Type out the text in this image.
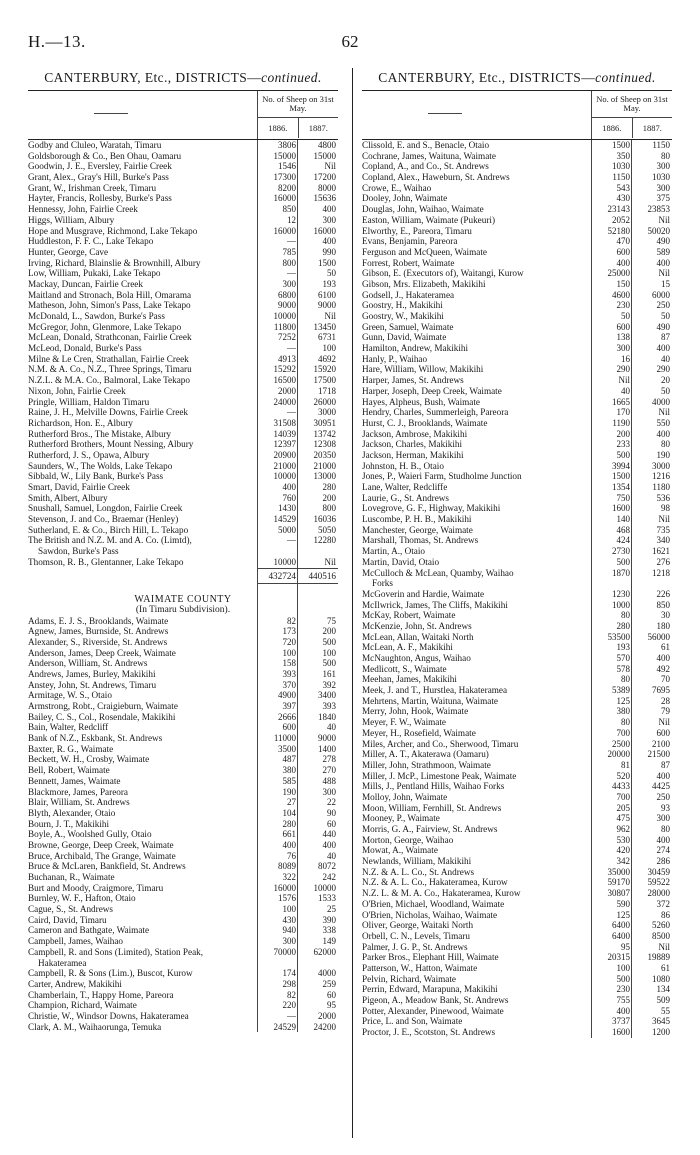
H.—13.	62
CANTERBURY, Etc., DISTRICTS—continued.
No. of Sheep on 31st May.
1886.	1887.
Godby and Cluleo, Waratah, Timaru	3806	4800
Goldsborough & Co., Ben Ohau, Oamaru	15000	15000
Goodwin, J. E., Eversley, Fairlie Creek	1546	Nil
Grant, Alex., Gray's Hill, Burke's Pass	17300	17200
Grant, W., Irishman Creek, Timaru	8200	8000
Hayter, Francis, Rollesby, Burke's Pass	16000	15636
Hennessy, John, Fairlie Creek	850	400
Higgs, William, Albury	12	300
Hope and Musgrave, Richmond, Lake Tekapo	16000	16000
Huddleston, F. F. C., Lake Tekapo	—	400
Hunter, George, Cave	785	990
Irving, Richard, Blainslie & Brownhill, Albury	800	1500
Low, William, Pukaki, Lake Tekapo	—	50
Mackay, Duncan, Fairlie Creek	300	193
Maitland and Stronach, Bola Hill, Omarama	6800	6100
Matheson, John, Simon's Pass, Lake Tekapo	9000	9000
McDonald, L., Sawdon, Burke's Pass	10000	Nil
McGregor, John, Glenmore, Lake Tekapo	11800	13450
McLean, Donald, Strathconan, Fairlie Creek	7252	6731
McLeod, Donald, Burke's Pass	—	100
Milne & Le Cren, Strathallan, Fairlie Creek	4913	4692
N.M. & A. Co., N.Z., Three Springs, Timaru	15292	15920
N.Z.L. & M.A. Co., Balmoral, Lake Tekapo	16500	17500
Nixon, John, Fairlie Creek	2000	1718
Pringle, William, Haldon Timaru	24000	26000
Raine, J. H., Melville Downs, Fairlie Creek	—	3000
Richardson, Hon. E., Albury	31508	30951
Rutherford Bros., The Mistake, Albury	14039	13742
Rutherford Brothers, Mount Nessing, Albury	12397	12308
Rutherford, J. S., Opawa, Albury	20900	20350
Saunders, W., The Wolds, Lake Tekapo	21000	21000
Sibbald, W., Lily Bank, Burke's Pass	10000	13000
Smart, David, Fairlie Creek	400	280
Smith, Albert, Albury	760	200
Snushall, Samuel, Longdon, Fairlie Creek	1430	800
Stevenson, J. and Co., Braemar (Henley)	14529	16036
Sutherland, E. & Co., Birch Hill, L. Tekapo	5000	5050
The British and N.Z. M. and A. Co. (Limtd),	—	12280
Sawdon, Burke's Pass
Thomson, R. B., Glentanner, Lake Tekapo	10000	Nil
432724	440516
WAIMATE COUNTY
(In Timaru Subdivision).
Adams, E. J. S., Brooklands, Waimate	82	75
Agnew, James, Burnside, St. Andrews	173	200
Alexander, S., Riverside, St. Andrews	720	500
Anderson, James, Deep Creek, Waimate	100	100
Anderson, William, St. Andrews	158	500
Andrews, James, Burley, Makikihi	393	161
Anstey, John, St. Andrews, Timaru	370	392
Armitage, W. S., Otaio	4900	3400
Armstrong, Robt., Craigieburn, Waimate	397	393
Bailey, C. S., Col., Rosendale, Makikihi	2666	1840
Bain, Walter, Redcliff	600	40
Bank of N.Z., Eskbank, St. Andrews	11000	9000
Baxter, R. G., Waimate	3500	1400
Beckett, W. H., Crosby, Waimate	487	278
Bell, Robert, Waimate	380	270
Bennett, James, Waimate	585	488
Blackmore, James, Pareora	190	300
Blair, William, St. Andrews	27	22
Blyth, Alexander, Otaio	104	90
Bourn, J. T., Makikihi	280	60
Boyle, A., Woolshed Gully, Otaio	661	440
Browne, George, Deep Creek, Waimate	400	400
Bruce, Archibald, The Grange, Waimate	76	40
Bruce & McLaren, Bankfield, St. Andrews	8089	8072
Buchanan, R., Waimate	322	242
Burt and Moody, Craigmore, Timaru	16000	10000
Burnley, W. F., Hafton, Otaio	1576	1533
Cague, S., St. Andrews	100	25
Caird, David, Timaru	430	390
Cameron and Bathgate, Waimate	940	338
Campbell, James, Waihao	300	149
Campbell, R. and Sons (Limited), Station Peak,	70000	62000
Hakateramea
Campbell, R. & Sons (Lim.), Buscot, Kurow	174	4000
Carter, Andrew, Makikihi	298	259
Chamberlain, T., Happy Home, Pareora	82	60
Champion, Richard, Waimate	220	95
Christie, W., Windsor Downs, Hakateramea	—	2000
Clark, A. M., Waihaorunga, Temuka	24529	24200
CANTERBURY, Etc., DISTRICTS—continued.
No. of Sheep on 31st May.
1886.	1887.
Clissold, E. and S., Benacle, Otaio	1500	1150
Cochrane, James, Waituna, Waimate	350	80
Copland, A., and Co., St. Andrews	1030	300
Copland, Alex., Haweburn, St. Andrews	1150	1030
Crowe, E., Waihao	543	300
Dooley, John, Waimate	430	375
Douglas, John, Waihao, Waimate	23143	23853
Easton, William, Waimate (Pukeuri)	2052	Nil
Elworthy, E., Pareora, Timaru	52180	50020
Evans, Benjamin, Pareora	470	490
Ferguson and McQueen, Waimate	600	589
Forrest, Robert, Waimate	400	400
Gibson, E. (Executors of), Waitangi, Kurow	25000	Nil
Gibson, Mrs. Elizabeth, Makikihi	150	15
Godsell, J., Hakateramea	4600	6000
Goostry, H., Makikihi	230	250
Goostry, W., Makikihi	50	50
Green, Samuel, Waimate	600	490
Gunn, David, Waimate	138	87
Hamilton, Andrew, Makikihi	300	400
Hanly, P., Waihao	16	40
Hare, William, Willow, Makikihi	290	290
Harper, James, St. Andrews	Nil	20
Harper, Joseph, Deep Creek, Waimate	40	50
Hayes, Alpheus, Bush, Waimate	1665	4000
Hendry, Charles, Summerleigh, Pareora	170	Nil
Hurst, C. J., Brooklands, Waimate	1190	550
Jackson, Ambrose, Makikihi	200	400
Jackson, Charles, Makikihi	233	80
Jackson, Herman, Makikihi	500	190
Johnston, H. B., Otaio	3994	3000
Jones, P., Waieri Farm, Studholme Junction	1500	1216
Lane, Walter, Redcliffe	1354	1180
Laurie, G., St. Andrews	750	536
Lovegrove, G. F., Highway, Makikihi	1600	98
Luscombe, P. H. B., Makikihi	140	Nil
Manchester, George, Waimate	468	735
Marshall, Thomas, St. Andrews	424	340
Martin, A., Otaio	2730	1621
Martin, David, Otaio	500	276
McCulloch & McLean, Quamby, Waihao	1870	1218
Forks
McGoverin and Hardie, Waimate	1230	226
McIlwrick, James, The Cliffs, Makikihi	1000	850
McKay, Robert, Waimate	80	30
McKenzie, John, St. Andrews	280	180
McLean, Allan, Waitaki North	53500	56000
McLean, A. F., Makikihi	193	61
McNaughton, Angus, Waihao	570	400
Medlicott, S., Waimate	578	492
Meehan, James, Makikihi	80	70
Meek, J. and T., Hurstlea, Hakateramea	5389	7695
Mehrtens, Martin, Waituna, Waimate	125	28
Merry, John, Hook, Waimate	380	79
Meyer, F. W., Waimate	80	Nil
Meyer, H., Rosefield, Waimate	700	600
Miles, Archer, and Co., Sherwood, Timaru	2500	2100
Miller, A. T., Akaterawa (Oamaru)	20000	21500
Miller, John, Strathmoon, Waimate	81	87
Miller, J. McP., Limestone Peak, Waimate	520	400
Mills, J., Pentland Hills, Waihao Forks	4433	4425
Molloy, John, Waimate	700	250
Moon, William, Fernhill, St. Andrews	205	93
Mooney, P., Waimate	475	300
Morris, G. A., Fairview, St. Andrews	962	80
Morton, George, Waihao	530	400
Mowat, A., Waimate	420	274
Newlands, William, Makikihi	342	286
N.Z. & A. L. Co., St. Andrews	35000	30459
N.Z. & A. L. Co., Hakateramea, Kurow	59170	59522
N.Z. L. & M. A. Co., Hakateramea, Kurow	30807	28000
O'Brien, Michael, Woodland, Waimate	590	372
O'Brien, Nicholas, Waihao, Waimate	125	86
Oliver, George, Waitaki North	6400	5260
Orbell, C. N., Levels, Timaru	6400	8500
Palmer, J. G. P., St. Andrews	95	Nil
Parker Bros., Elephant Hill, Waimate	20315	19889
Patterson, W., Hatton, Waimate	100	61
Pelvin, Richard, Waimate	500	1080
Perrin, Edward, Marapuna, Makikihi	230	134
Pigeon, A., Meadow Bank, St. Andrews	755	509
Potter, Alexander, Pinewood, Waimate	400	55
Price, L. and Son, Waimate	3737	3645
Proctor, J. E., Scotston, St. Andrews	1600	1200
